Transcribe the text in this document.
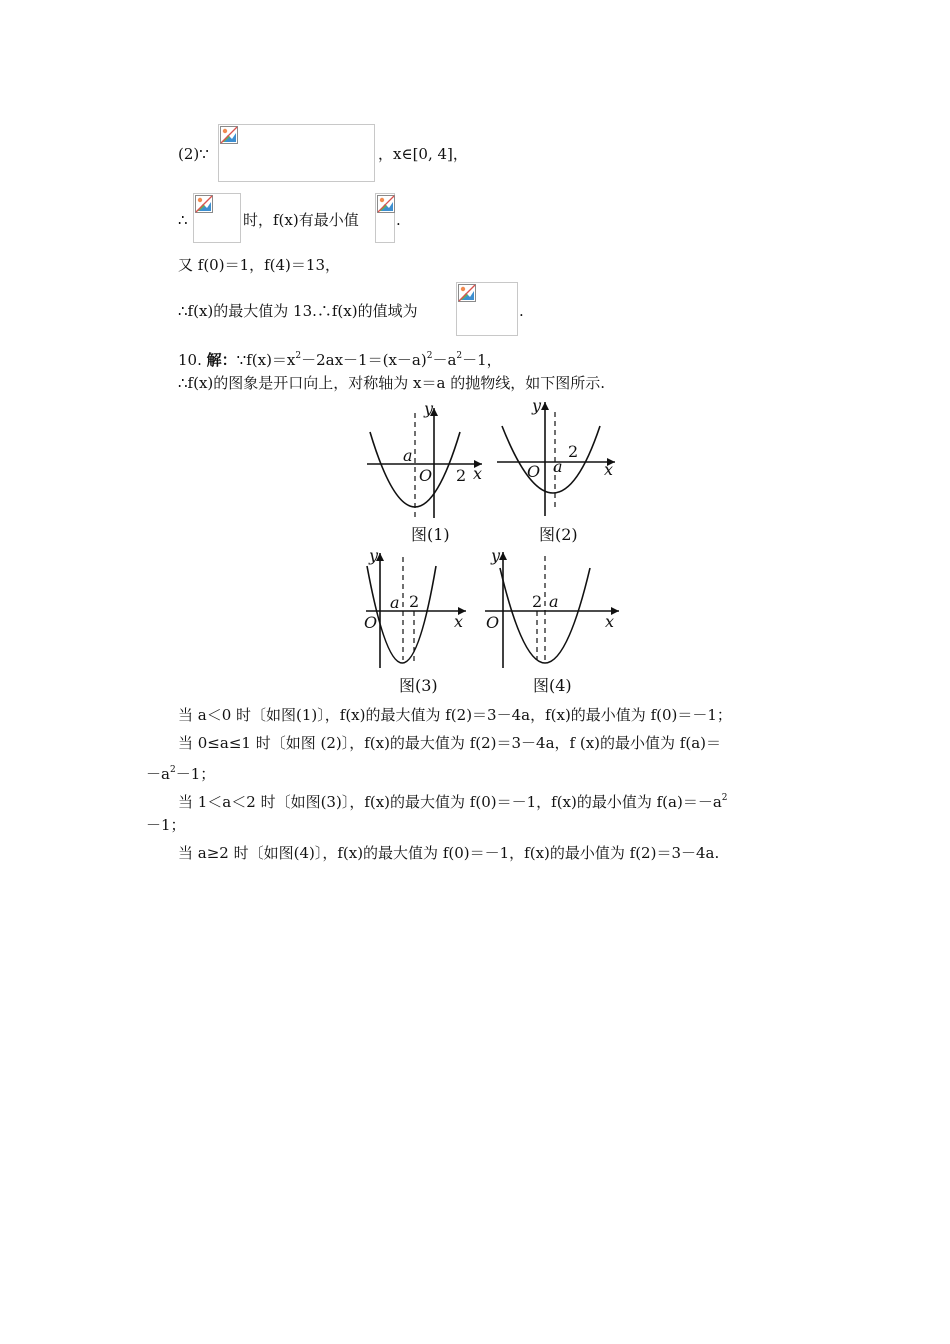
(2)∵	，x∈[0, 4]，
∴	时，f(x)有最小值 .
又 f(0)＝1，f(4)＝13，
∴f(x)的最大值为 13.∴f(x)的值域为	.
10. 解：$\because f(x)=x^2-2ax-1=(x-a)^2-a^2-1$，
∴f(x)的图象是开口向上，对称轴为 x＝a 的抛物线，如下图所示.
y
x
O
a
2
y
x
O a
2
y
x
O
a 2
y
x
O
2 a
图(1)	图(2)
图(3)	图(4)
当 a＜0 时〔如图(1)〕，f(x)的最大值为 f(2)＝3－4a，f(x)的最小值为 f(0)＝－1；
当 0≤a≤1 时〔如图 (2)〕，f(x)的最大值为 f(2)＝3－4a，f (x)的最小值为 f(a)＝
$-a^2-1$；
当 1＜a＜2 时〔如图(3)〕，f(x)的最大值为 f(0)＝－1，f(x)的最小值为 $f(a)=-a^2$
－1；
当 a≥2 时〔如图(4)〕，f(x)的最大值为 f(0)＝－1，f(x)的最小值为 f(2)＝3－4a.
